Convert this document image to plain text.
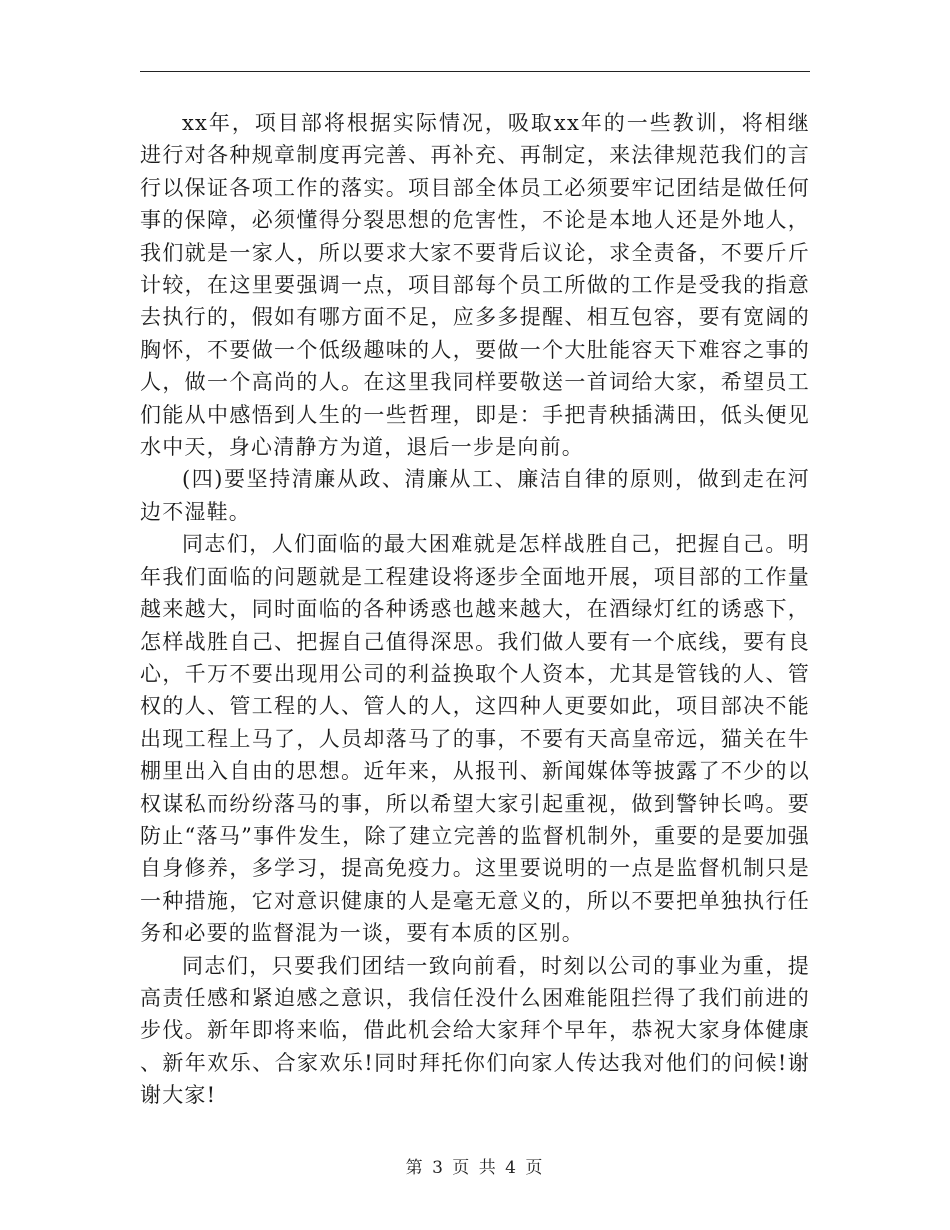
xx年，项目部将根据实际情况，吸取xx年的一些教训，将相继进行对各种规章制度再完善、再补充、再制定，来法律规范我们的言行以保证各项工作的落实。项目部全体员工必须要牢记团结是做任何事的保障，必须懂得分裂思想的危害性，不论是本地人还是外地人，我们就是一家人，所以要求大家不要背后议论，求全责备，不要斤斤计较，在这里要强调一点，项目部每个员工所做的工作是受我的指意去执行的，假如有哪方面不足，应多多提醒、相互包容，要有宽阔的胸怀，不要做一个低级趣味的人，要做一个大肚能容天下难容之事的人，做一个高尚的人。在这里我同样要敬送一首词给大家，希望员工们能从中感悟到人生的一些哲理，即是：手把青秧插满田，低头便见水中天，身心清静方为道，退后一步是向前。

(四)要坚持清廉从政、清廉从工、廉洁自律的原则，做到走在河边不湿鞋。

同志们，人们面临的最大困难就是怎样战胜自己，把握自己。明年我们面临的问题就是工程建设将逐步全面地开展，项目部的工作量越来越大，同时面临的各种诱惑也越来越大，在酒绿灯红的诱惑下，怎样战胜自己、把握自己值得深思。我们做人要有一个底线，要有良心，千万不要出现用公司的利益换取个人资本，尤其是管钱的人、管权的人、管工程的人、管人的人，这四种人更要如此，项目部决不能出现工程上马了，人员却落马了的事，不要有天高皇帝远，猫关在牛棚里出入自由的思想。近年来，从报刊、新闻媒体等披露了不少的以权谋私而纷纷落马的事，所以希望大家引起重视，做到警钟长鸣。要防止“落马”事件发生，除了建立完善的监督机制外，重要的是要加强自身修养，多学习，提高免疫力。这里要说明的一点是监督机制只是一种措施，它对意识健康的人是毫无意义的，所以不要把单独执行任务和必要的监督混为一谈，要有本质的区别。

同志们，只要我们团结一致向前看，时刻以公司的事业为重，提高责任感和紧迫感之意识，我信任没什么困难能阻拦得了我们前进的步伐。新年即将来临，借此机会给大家拜个早年，恭祝大家身体健康、新年欢乐、合家欢乐!同时拜托你们向家人传达我对他们的问候!谢谢大家!

第 3 页 共 4 页
